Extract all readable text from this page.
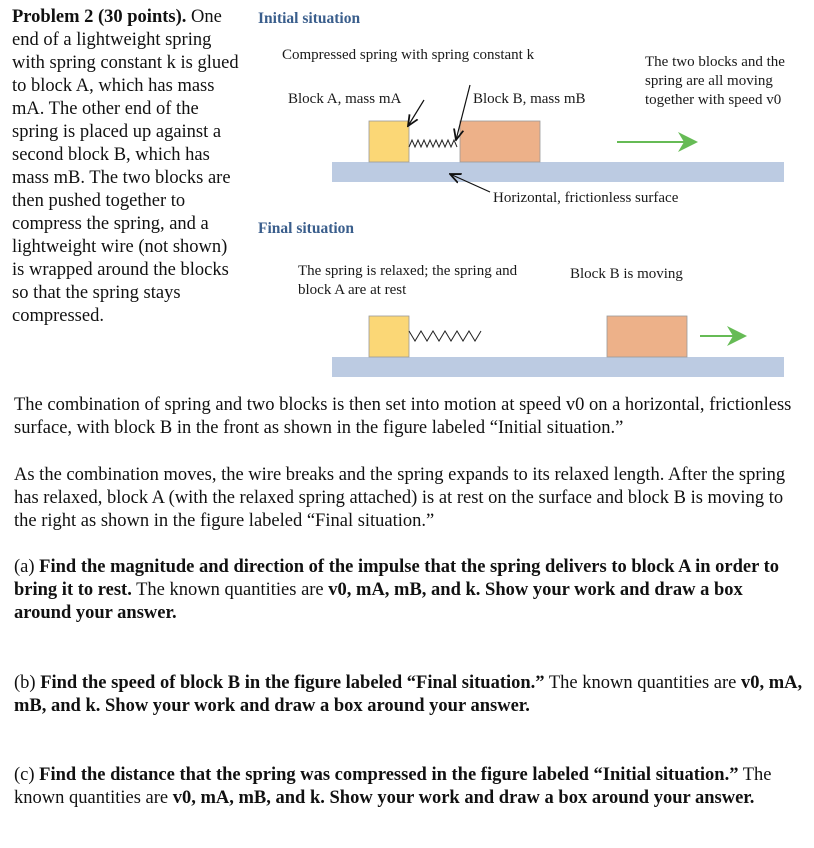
Problem 2 (30 points). One end of a lightweight spring with spring constant k is glued to block A, which has mass mA. The other end of the spring is placed up against a second block B, which has mass mB. The two blocks are then pushed together to compress the spring, and a lightweight wire (not shown) is wrapped around the blocks so that the spring stays compressed.
Initial situation
Compressed spring with spring constant k
Block A, mass mA	Block B, mass mB
The two blocks and the spring are all moving together with speed v0
Horizontal, frictionless surface
Final situation
The spring is relaxed; the spring and block A are at rest
Block B is moving
The combination of spring and two blocks is then set into motion at speed v0 on a horizontal, frictionless surface, with block B in the front as shown in the figure labeled “Initial situation.”
As the combination moves, the wire breaks and the spring expands to its relaxed length. After the spring has relaxed, block A (with the relaxed spring attached) is at rest on the surface and block B is moving to the right as shown in the figure labeled “Final situation.”
(a) Find the magnitude and direction of the impulse that the spring delivers to block A in order to bring it to rest. The known quantities are v0, mA, mB, and k. Show your work and draw a box around your answer.
(b) Find the speed of block B in the figure labeled “Final situation.” The known quantities are v0, mA, mB, and k. Show your work and draw a box around your answer.
(c) Find the distance that the spring was compressed in the figure labeled “Initial situation.” The known quantities are v0, mA, mB, and k. Show your work and draw a box around your answer.
